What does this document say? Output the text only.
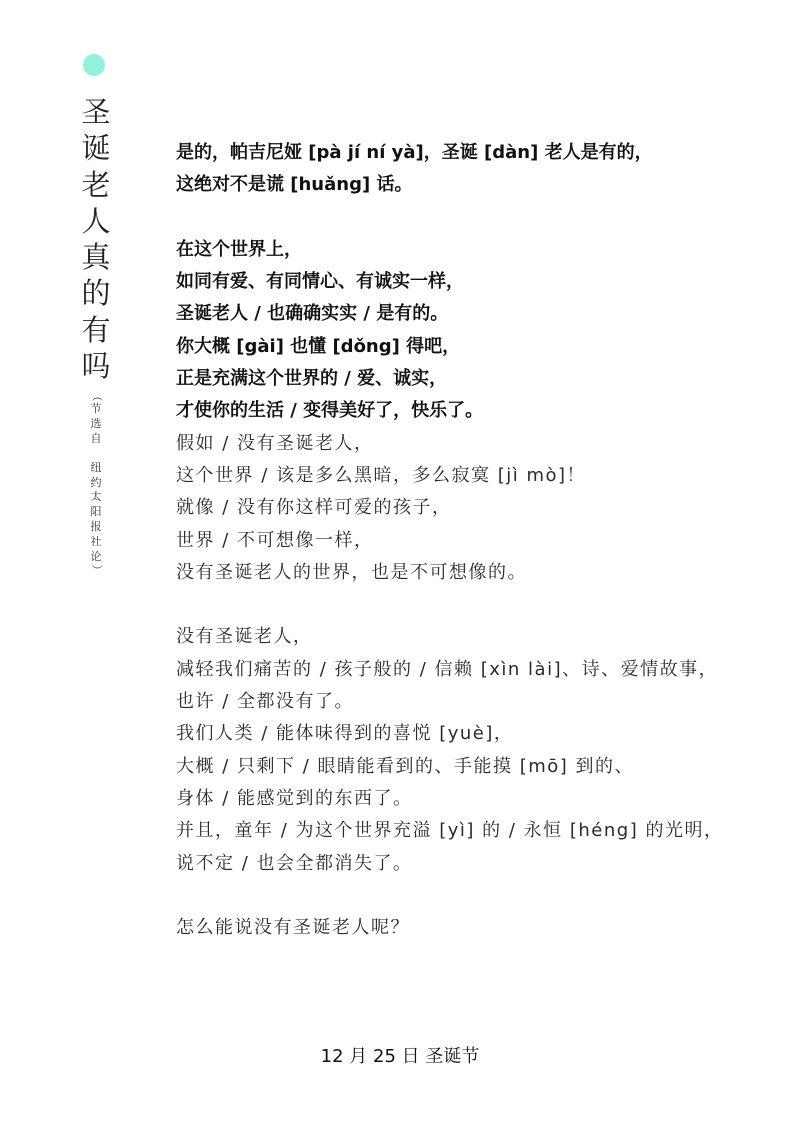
圣
诞
老
人
真
的
有
吗
（
节
选
自
纽
约
太
阳
报
社
论
）
是的，帕吉尼娅 [pà jí ní yà]，圣诞 [dàn] 老人是有的，
这绝对不是谎 [huǎng] 话。
在这个世界上，
如同有爱、有同情心、有诚实一样，
圣诞老人 / 也确确实实 / 是有的。
你大概 [gài] 也懂 [dǒng] 得吧，
正是充满这个世界的 / 爱、诚实，
才使你的生活 / 变得美好了，快乐了。
假如 / 没有圣诞老人，
这个世界 / 该是多么黑暗，多么寂寞 [jì mò]！
就像 / 没有你这样可爱的孩子，
世界 / 不可想像一样，
没有圣诞老人的世界，也是不可想像的。
没有圣诞老人，
减轻我们痛苦的 / 孩子般的 / 信赖 [xìn lài]、诗、爱情故事，
也许 / 全都没有了。
我们人类 / 能体味得到的喜悦 [yuè]，
大概 / 只剩下 / 眼睛能看到的、手能摸 [mō] 到的、
身体 / 能感觉到的东西了。
并且，童年 / 为这个世界充溢 [yì] 的 / 永恒 [héng] 的光明，
说不定 / 也会全都消失了。
怎么能说没有圣诞老人呢？
12 月 25 日 圣诞节
